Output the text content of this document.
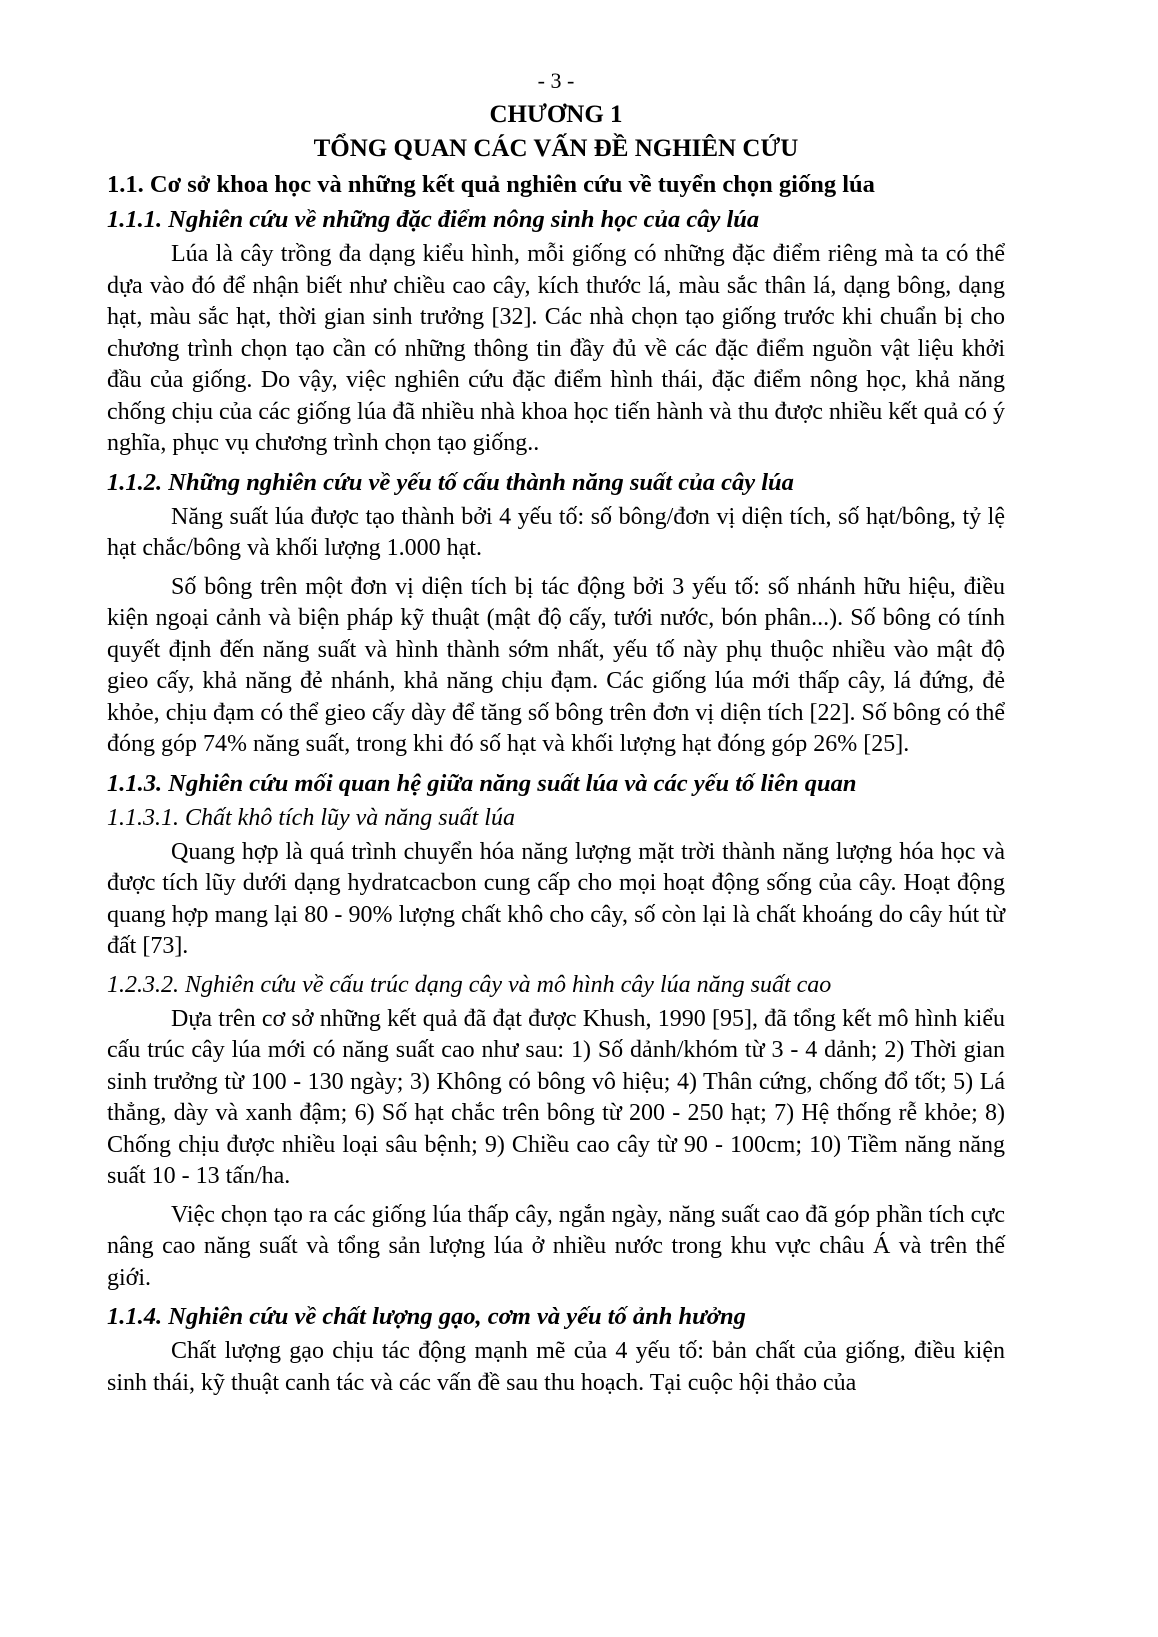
- 3 -
CHƯƠNG 1
TỔNG QUAN CÁC VẤN ĐỀ NGHIÊN CỨU
1.1. Cơ sở khoa học và những kết quả nghiên cứu về tuyển chọn giống lúa
1.1.1. Nghiên cứu về những đặc điểm nông sinh học của cây lúa

Lúa là cây trồng đa dạng kiểu hình, mỗi giống có những đặc điểm riêng mà ta có thể dựa vào đó để nhận biết như chiều cao cây, kích thước lá, màu sắc thân lá, dạng bông, dạng hạt, màu sắc hạt, thời gian sinh trưởng [32]. Các nhà chọn tạo giống trước khi chuẩn bị cho chương trình chọn tạo cần có những thông tin đầy đủ về các đặc điểm nguồn vật liệu khởi đầu của giống. Do vậy, việc nghiên cứu đặc điểm hình thái, đặc điểm nông học, khả năng chống chịu của các giống lúa đã nhiều nhà khoa học tiến hành và thu được nhiều kết quả có ý nghĩa, phục vụ chương trình chọn tạo giống..

1.1.2. Những nghiên cứu về yếu tố cấu thành năng suất của cây lúa

Năng suất lúa được tạo thành bởi 4 yếu tố: số bông/đơn vị diện tích, số hạt/bông, tỷ lệ hạt chắc/bông và khối lượng 1.000 hạt.

Số bông trên một đơn vị diện tích bị tác động bởi 3 yếu tố: số nhánh hữu hiệu, điều kiện ngoại cảnh và biện pháp kỹ thuật (mật độ cấy, tưới nước, bón phân...). Số bông có tính quyết định đến năng suất và hình thành sớm nhất, yếu tố này phụ thuộc nhiều vào mật độ gieo cấy, khả năng đẻ nhánh, khả năng chịu đạm. Các giống lúa mới thấp cây, lá đứng, đẻ khỏe, chịu đạm có thể gieo cấy dày để tăng số bông trên đơn vị diện tích [22]. Số bông có thể đóng góp 74% năng suất, trong khi đó số hạt và khối lượng hạt đóng góp 26% [25].

1.1.3. Nghiên cứu mối quan hệ giữa năng suất lúa và các yếu tố liên quan
1.1.3.1. Chất khô tích lũy và năng suất lúa

Quang hợp là quá trình chuyển hóa năng lượng mặt trời thành năng lượng hóa học và được tích lũy dưới dạng hydratcacbon cung cấp cho mọi hoạt động sống của cây. Hoạt động quang hợp mang lại 80 - 90% lượng chất khô cho cây, số còn lại là chất khoáng do cây hút từ đất [73].

1.2.3.2. Nghiên cứu về cấu trúc dạng cây và mô hình cây lúa năng suất cao

Dựa trên cơ sở những kết quả đã đạt được Khush, 1990 [95], đã tổng kết mô hình kiểu cấu trúc cây lúa mới có năng suất cao như sau: 1) Số dảnh/khóm từ 3 - 4 dảnh; 2) Thời gian sinh trưởng từ 100 - 130 ngày; 3) Không có bông vô hiệu; 4) Thân cứng, chống đổ tốt; 5) Lá thẳng, dày và xanh đậm; 6) Số hạt chắc trên bông từ 200 - 250 hạt; 7) Hệ thống rễ khỏe; 8) Chống chịu được nhiều loại sâu bệnh; 9) Chiều cao cây từ 90 - 100cm; 10) Tiềm năng năng suất 10 - 13 tấn/ha.

Việc chọn tạo ra các giống lúa thấp cây, ngắn ngày, năng suất cao đã góp phần tích cực nâng cao năng suất và tổng sản lượng lúa ở nhiều nước trong khu vực châu Á và trên thế giới.

1.1.4. Nghiên cứu về chất lượng gạo, cơm và yếu tố ảnh hưởng

Chất lượng gạo chịu tác động mạnh mẽ của 4 yếu tố: bản chất của giống, điều kiện sinh thái, kỹ thuật canh tác và các vấn đề sau thu hoạch. Tại cuộc hội thảo của
